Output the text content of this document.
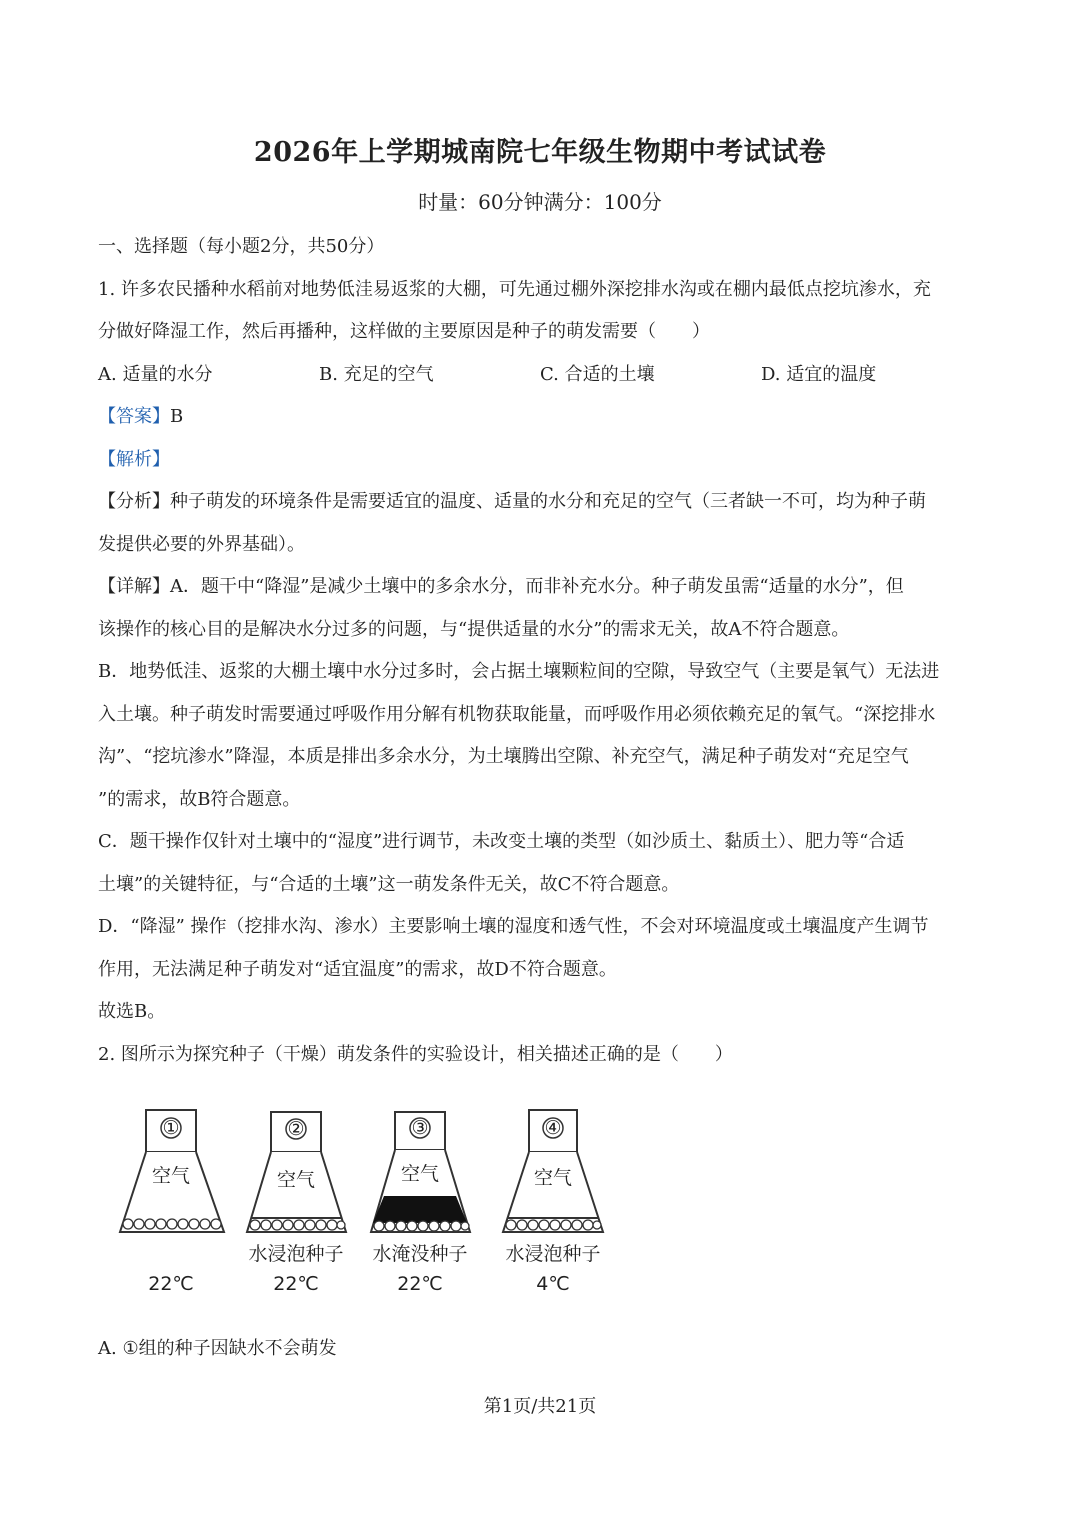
2026年上学期城南院七年级生物期中考试试卷
时量：60分钟满分：100分
一、选择题（每小题2分，共50分）
1. 许多农民播种水稻前对地势低洼易返浆的大棚，可先通过棚外深挖排水沟或在棚内最低点挖坑渗水，充
分做好降湿工作，然后再播种，这样做的主要原因是种子的萌发需要（　　）
A. 适量的水分	B. 充足的空气	C. 合适的土壤	D. 适宜的温度
【答案】B
【解析】
【分析】种子萌发的环境条件是需要适宜的温度、适量的水分和充足的空气（三者缺一不可，均为种子萌
发提供必要的外界基础）。
【详解】A．题干中“降湿”是减少土壤中的多余水分，而非补充水分。种子萌发虽需“适量的水分”，但
该操作的核心目的是解决水分过多的问题，与“提供适量的水分”的需求无关，故A不符合题意。
B．地势低洼、返浆的大棚土壤中水分过多时，会占据土壤颗粒间的空隙，导致空气（主要是氧气）无法进
入土壤。种子萌发时需要通过呼吸作用分解有机物获取能量，而呼吸作用必须依赖充足的氧气。“深挖排水
沟”、“挖坑渗水”降湿，本质是排出多余水分，为土壤腾出空隙、补充空气，满足种子萌发对“充足空气
”的需求，故B符合题意。
C．题干操作仅针对土壤中的“湿度”进行调节，未改变土壤的类型（如沙质土、黏质土）、肥力等“合适
土壤”的关键特征，与“合适的土壤”这一萌发条件无关，故C不符合题意。
D．“降湿” 操作（挖排水沟、渗水）主要影响土壤的湿度和透气性，不会对环境温度或土壤温度产生调节
作用，无法满足种子萌发对“适宜温度”的需求，故D不符合题意。
故选B。
2. 图所示为探究种子（干燥）萌发条件的实验设计，相关描述正确的是（　　）
①
空气
22℃
②
空气
水浸泡种子
22℃
③
空气
水淹没种子
22℃
④
空气
水浸泡种子
4℃
A. ①组的种子因缺水不会萌发
第1页/共21页
